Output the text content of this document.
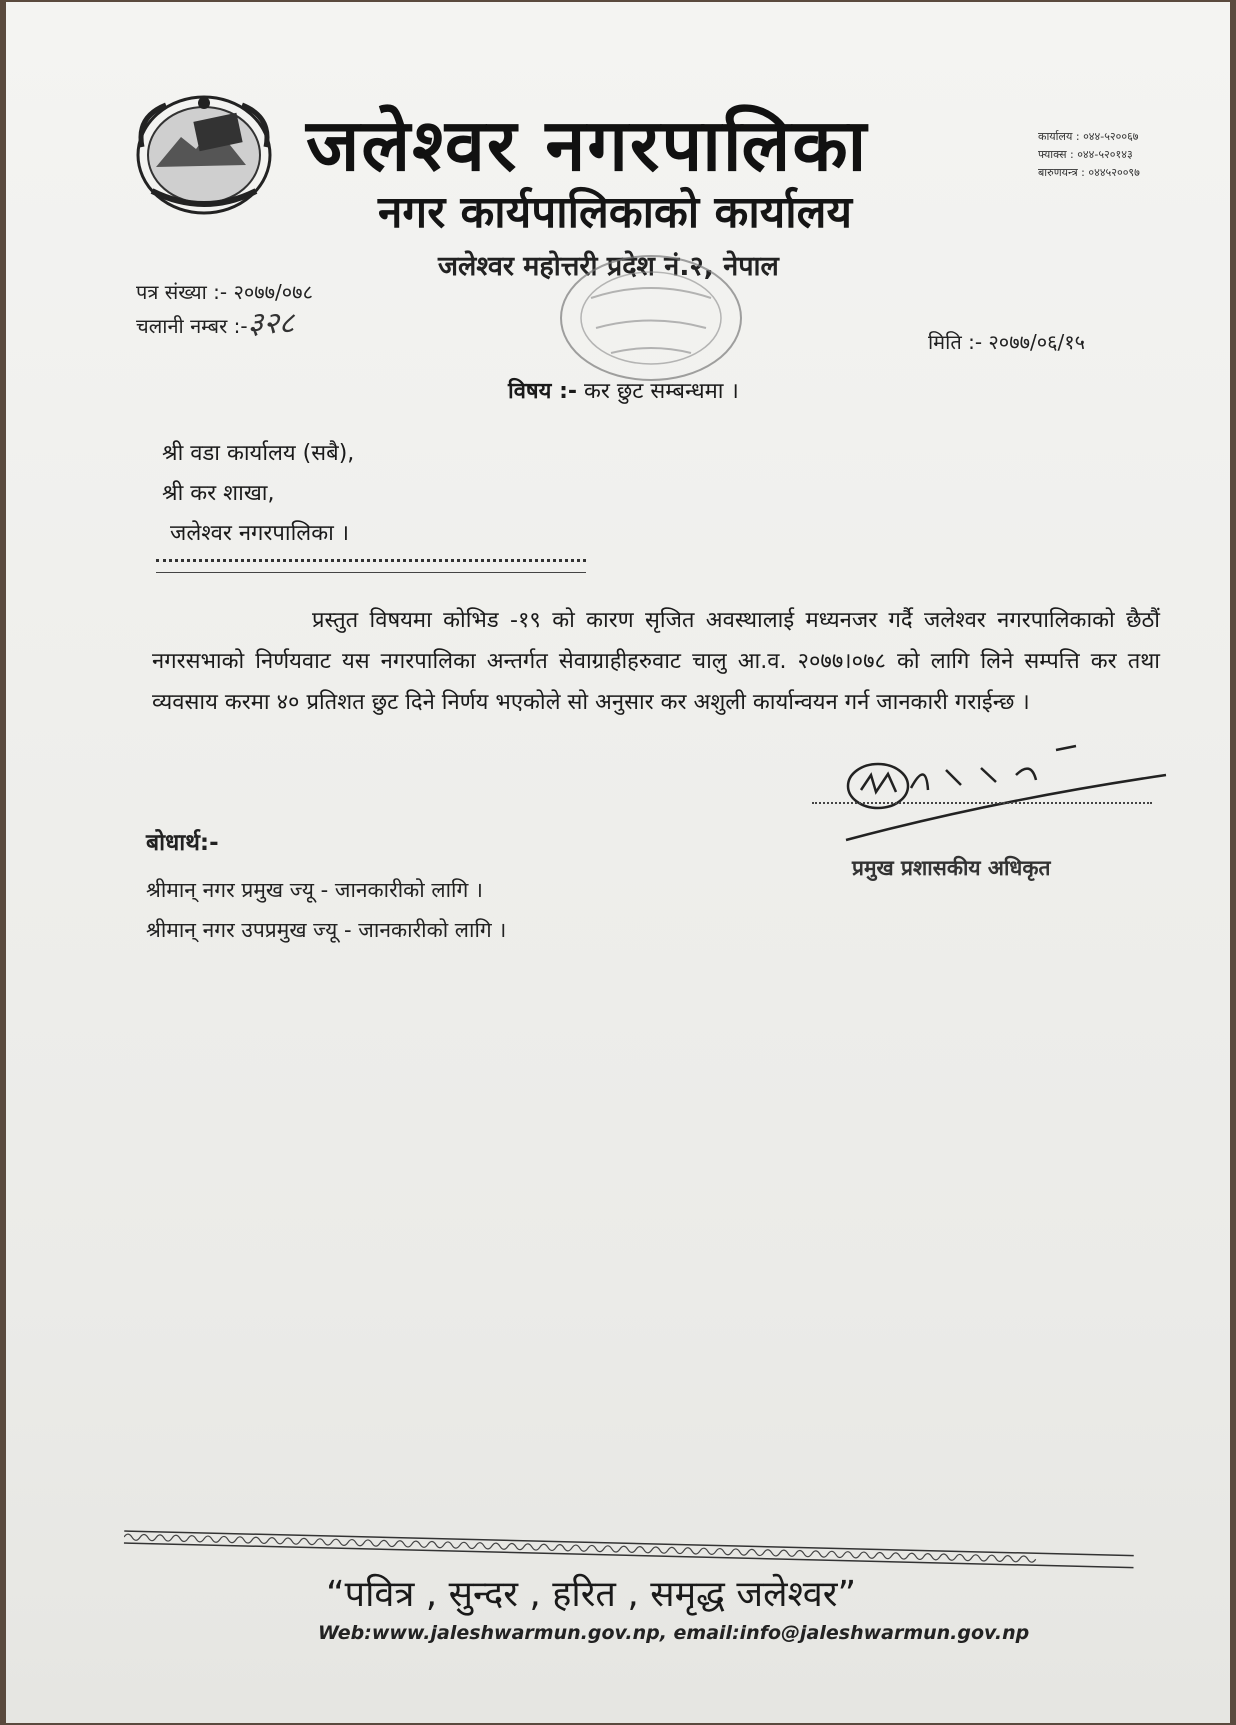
जलेश्वर नगरपालिका
नगर कार्यपालिकाको कार्यालय
जलेश्वर महोत्तरी प्रदेश नं.२, नेपाल
कार्यालय : ०४४-५२००६७
फ्याक्स : ०४४-५२०१४३
बारुणयन्त्र : ०४४५२००९७
पत्र संख्या :- २०७७/०७८
चलानी नम्बर :-३२८
मिति :- २०७७/०६/१५
विषय :- कर छुट सम्बन्धमा ।
श्री वडा कार्यालय (सबै),
श्री कर शाखा,
जलेश्वर नगरपालिका ।
प्रस्तुत विषयमा कोभिड -१९ को कारण सृजित अवस्थालाई मध्यनजर गर्दै जलेश्वर नगरपालिकाको छैठौं नगरसभाको निर्णयवाट यस नगरपालिका अन्तर्गत सेवाग्राहीहरुवाट चालु आ.व. २०७७।०७८ को लागि लिने सम्पत्ति कर तथा व्यवसाय करमा ४० प्रतिशत छुट दिने निर्णय भएकोले सो अनुसार कर अशुली कार्यान्वयन गर्न जानकारी गराईन्छ ।
प्रमुख प्रशासकीय अधिकृत
बोधार्थ:-
श्रीमान् नगर प्रमुख ज्यू - जानकारीको लागि ।
श्रीमान् नगर उपप्रमुख ज्यू - जानकारीको लागि ।
“पवित्र , सुन्दर , हरित , समृद्ध जलेश्वर”
Web:www.jaleshwarmun.gov.np, email:info@jaleshwarmun.gov.np
